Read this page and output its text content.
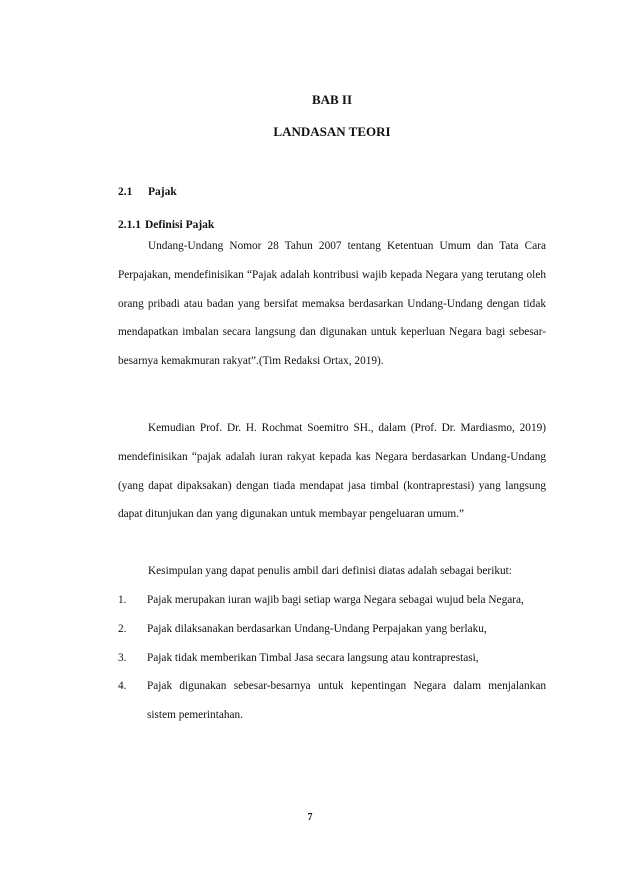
BAB II
LANDASAN TEORI
2.1 Pajak
2.1.1 Definisi Pajak

Undang-Undang Nomor 28 Tahun 2007 tentang Ketentuan Umum dan Tata Cara Perpajakan, mendefinisikan “Pajak adalah kontribusi wajib kepada Negara yang terutang oleh orang pribadi atau badan yang bersifat memaksa berdasarkan Undang-Undang dengan tidak mendapatkan imbalan secara langsung dan digunakan untuk keperluan Negara bagi sebesar-besarnya kemakmuran rakyat”.(Tim Redaksi Ortax, 2019).

Kemudian Prof. Dr. H. Rochmat Soemitro SH., dalam (Prof. Dr. Mardiasmo, 2019) mendefinisikan “pajak adalah iuran rakyat kepada kas Negara berdasarkan Undang-Undang (yang dapat dipaksakan) dengan tiada mendapat jasa timbal (kontraprestasi) yang langsung dapat ditunjukan dan yang digunakan untuk membayar pengeluaran umum.”

Kesimpulan yang dapat penulis ambil dari definisi diatas adalah sebagai berikut:

1.	Pajak merupakan iuran wajib bagi setiap warga Negara sebagai wujud bela Negara,
2.	Pajak dilaksanakan berdasarkan Undang-Undang Perpajakan yang berlaku,
3.	Pajak tidak memberikan Timbal Jasa secara langsung atau kontraprestasi,
4.	Pajak digunakan sebesar-besarnya untuk kepentingan Negara dalam menjalankan sistem pemerintahan.
7
